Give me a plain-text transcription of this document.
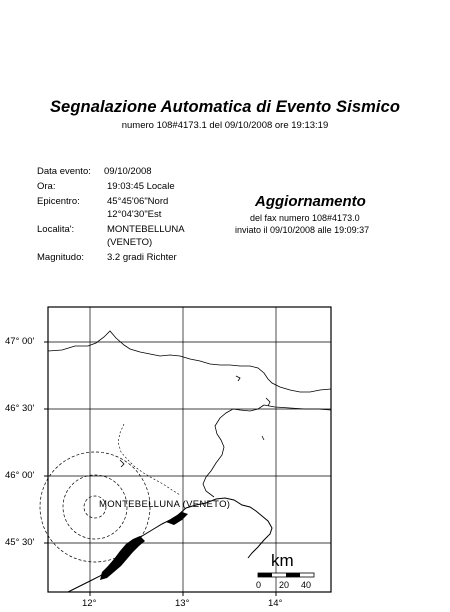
Segnalazione Automatica di Evento Sismico
numero 108#4173.1 del 09/10/2008 ore 19:13:19
Data evento: 09/10/2008
Ora:	19:03:45 Locale
Epicentro:	45°45'06"Nord
12°04'30"Est
Localita':	MONTEBELLUNA
(VENETO)
Magnitudo: 3.2 gradi Richter
Aggiornamento
del fax numero 108#4173.0
inviato il 09/10/2008 alle 19:09:37
MONTEBELLUNA (VENETO)
47° 00'
46° 30'
46° 00'
45° 30'
12°	13°	14°
km
0 20 40
